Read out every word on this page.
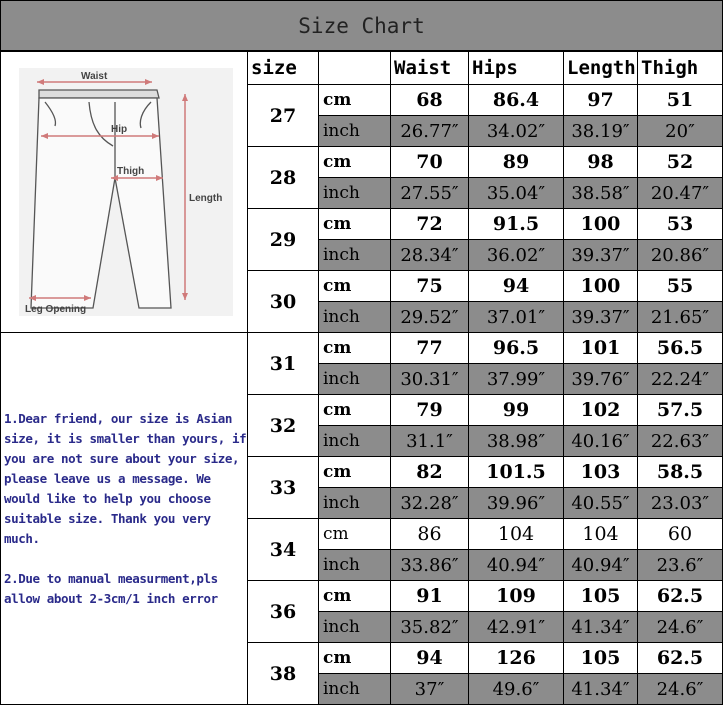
Size Chart
Waist
Hip
Thigh
Length
Leg Opening	size		Waist	Hips	Length	Thigh
	27	cm	68	86.4	97	51
		inch	26.77″	34.02″	38.19″	20″
	28	cm	70	89	98	52
		inch	27.55″	35.04″	38.58″	20.47″
	29	cm	72	91.5	100	53
		inch	28.34″	36.02″	39.37″	20.86″
	30	cm	75	94	100	55
		inch	29.52″	37.01″	39.37″	21.65″

1.Dear friend, our size is Asian size, it is smaller than yours, if you are not sure about your size, please leave us a message. We would like to help you choose suitable size. Thank you very much.

2.Due to manual measurment,pls allow about 2-3cm/1 inch error	31	cm	77	96.5	101	56.5
		inch	30.31″	37.99″	39.76″	22.24″
	32	cm	79	99	102	57.5
		inch	31.1″	38.98″	40.16″	22.63″
	33	cm	82	101.5	103	58.5
		inch	32.28″	39.96″	40.55″	23.03″
	34	cm	86	104	104	60
		inch	33.86″	40.94″	40.94″	23.6″
	36	cm	91	109	105	62.5
		inch	35.82″	42.91″	41.34″	24.6″
	38	cm	94	126	105	62.5
		inch	37″	49.6″	41.34″	24.6″
